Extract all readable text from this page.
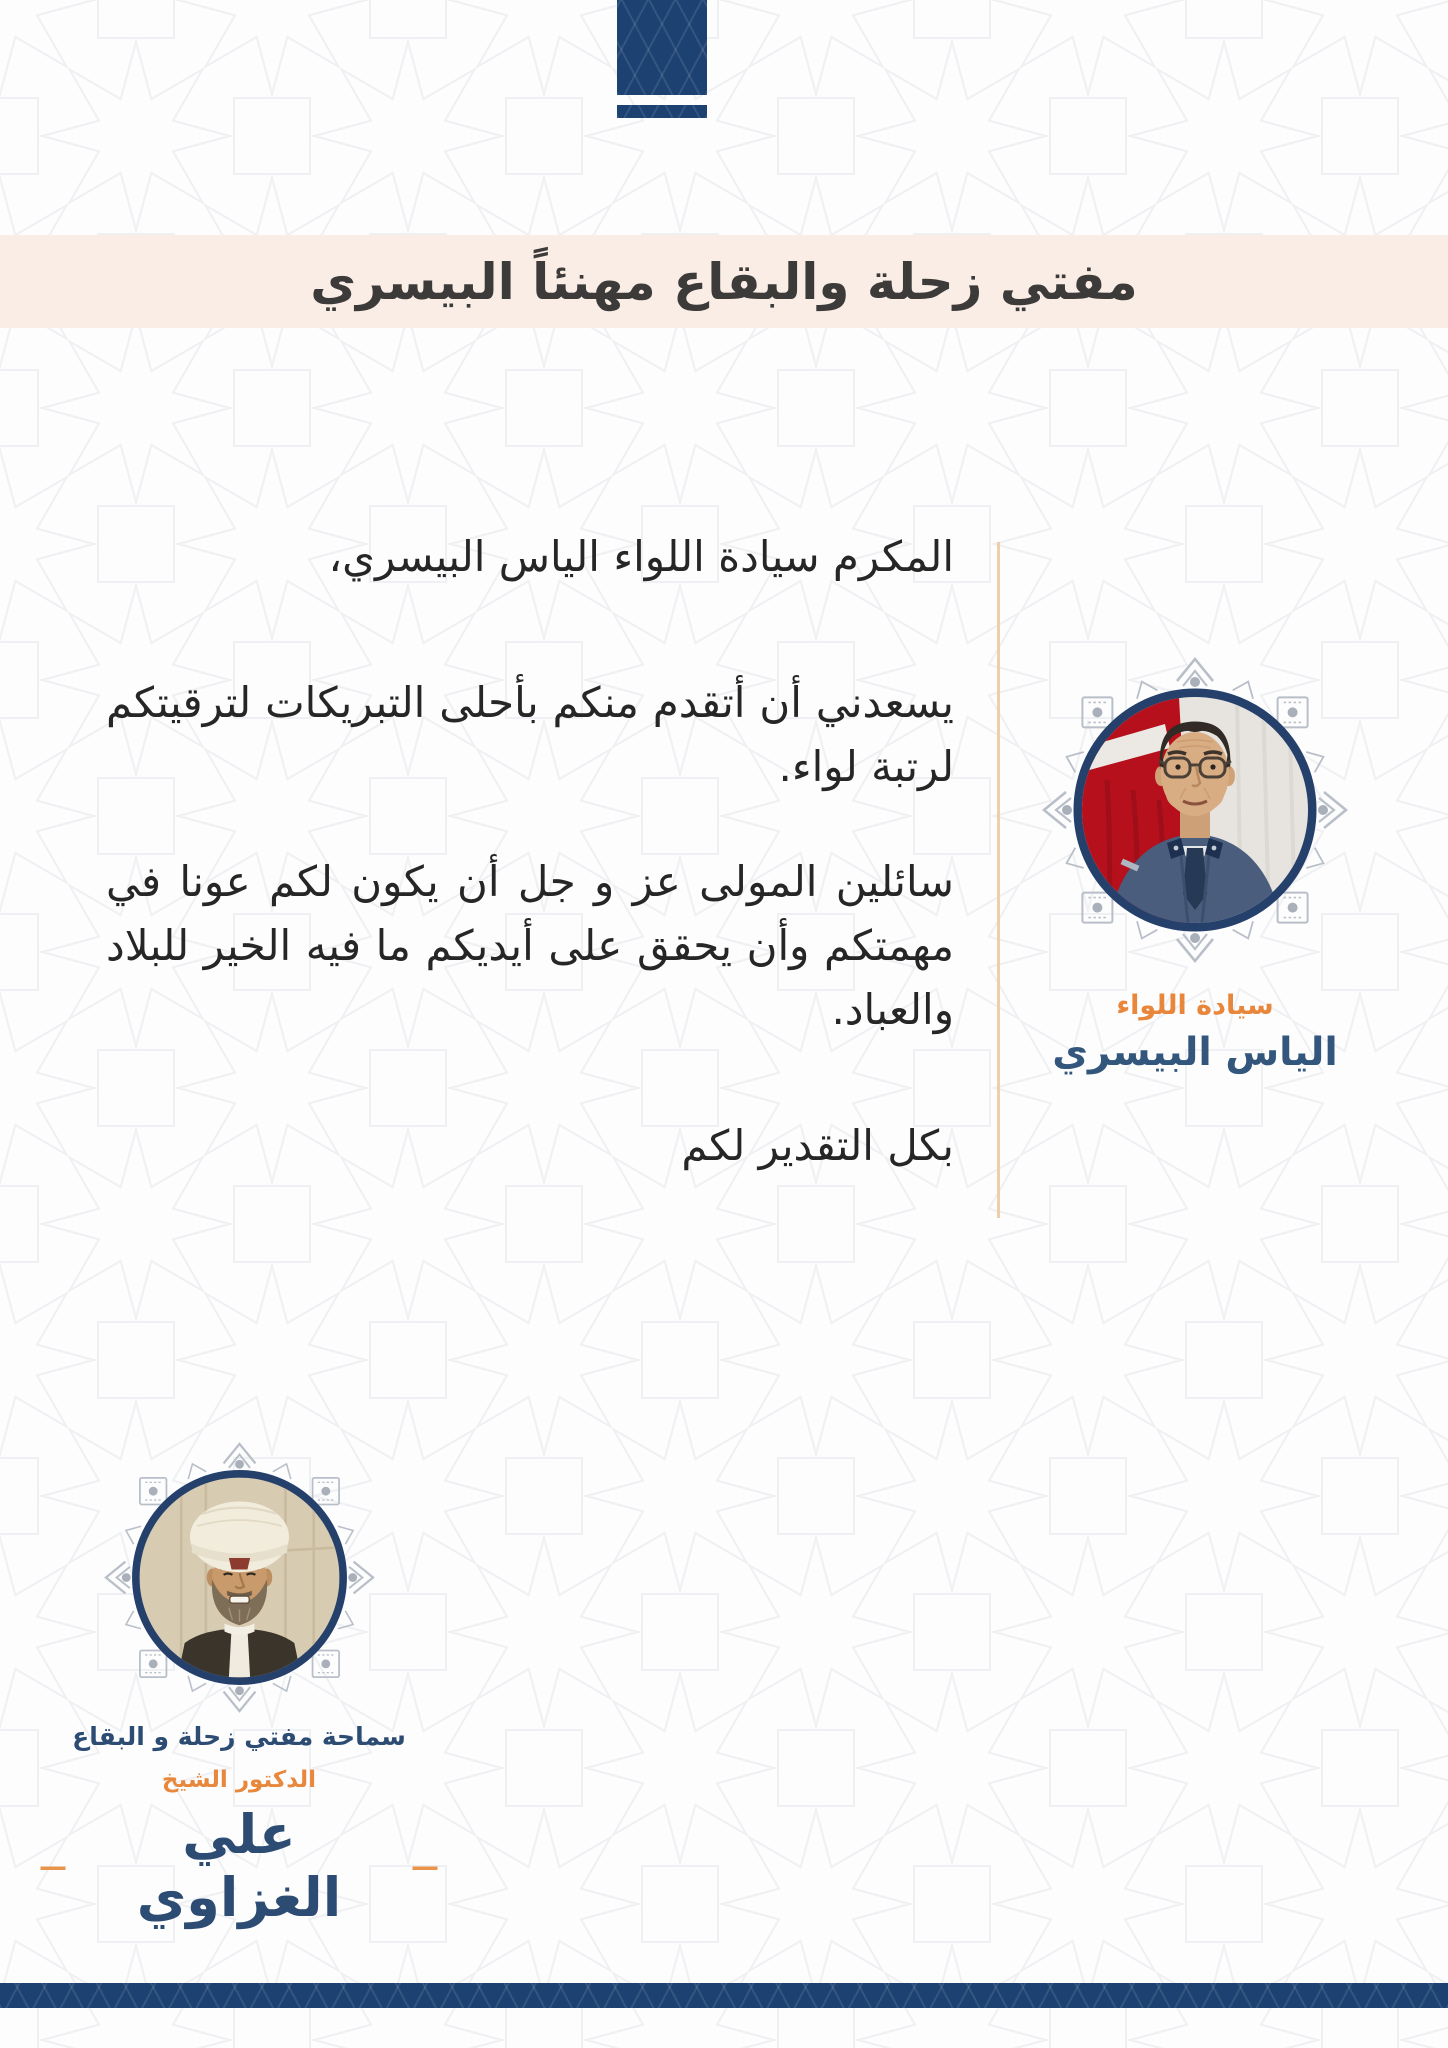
مفتي زحلة والبقاع مهنئاً البيسري

المكرم سيادة اللواء الياس البيسري،

يسعدني أن أتقدم منكم بأحلى التبريكات لترقيتكم لرتبة لواء.

سائلين المولى عز و جل أن يكون لكم عونا في مهمتكم وأن يحقق على أيديكم ما فيه الخير للبلاد والعباد.

بكل التقدير لكم

سيادة اللواء
الياس البيسري
سماحة مفتي زحلة و البقاع
الدكتور الشيخ
—
علي الغزاوي
—
